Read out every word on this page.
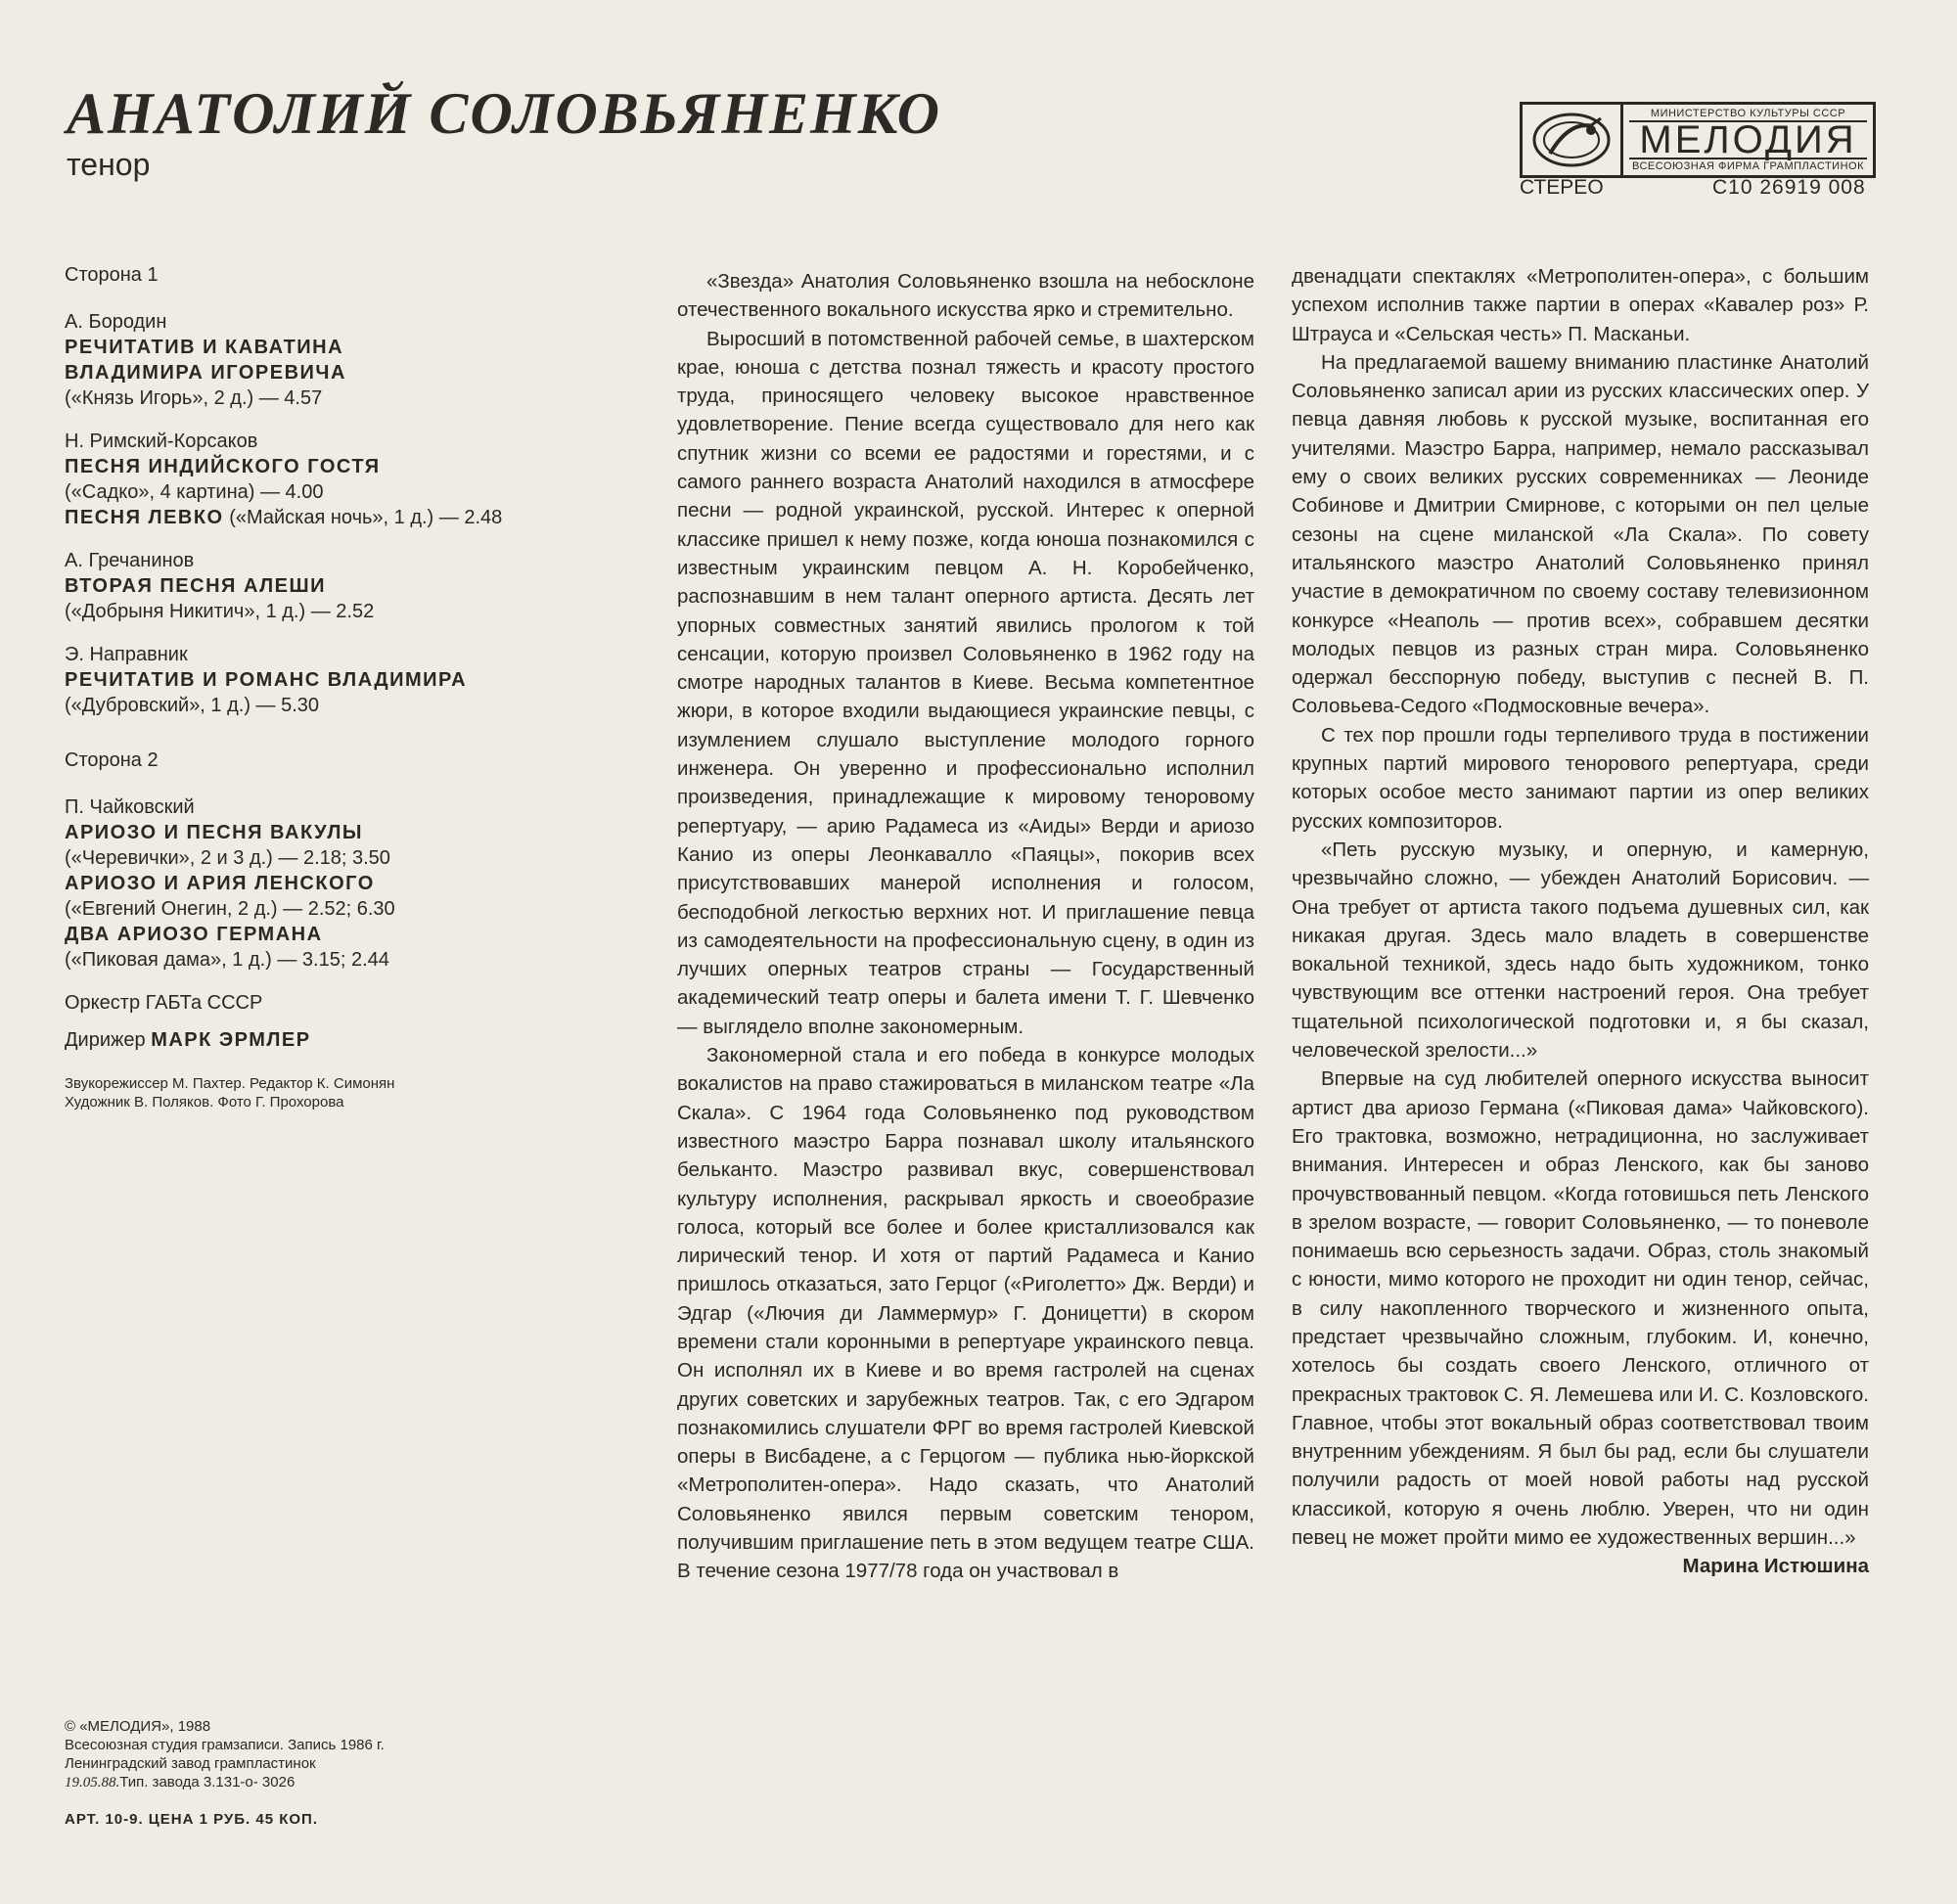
АНАТОЛИЙ СОЛОВЬЯНЕНКО

тенор

МИНИСТЕРСТВО КУЛЬТУРЫ СССР
МЕЛОДИЯ
ВСЕСОЮЗНАЯ ФИРМА ГРАМПЛАСТИНОК
СТЕРЕО	С10 26919 008
Сторона 1
А. Бородин
РЕЧИТАТИВ И КАВАТИНА
ВЛАДИМИРА ИГОРЕВИЧА
(«Князь Игорь», 2 д.) — 4.57
Н. Римский-Корсаков
ПЕСНЯ ИНДИЙСКОГО ГОСТЯ
(«Садко», 4 картина) — 4.00
ПЕСНЯ ЛЕВКО («Майская ночь», 1 д.) — 2.48
А. Гречанинов
ВТОРАЯ ПЕСНЯ АЛЕШИ
(«Добрыня Никитич», 1 д.) — 2.52
Э. Направник
РЕЧИТАТИВ И РОМАНС ВЛАДИМИРА
(«Дубровский», 1 д.) — 5.30
Сторона 2
П. Чайковский
АРИОЗО И ПЕСНЯ ВАКУЛЫ
(«Черевички», 2 и 3 д.) — 2.18; 3.50
АРИОЗО И АРИЯ ЛЕНСКОГО
(«Евгений Онегин, 2 д.) — 2.52; 6.30
ДВА АРИОЗО ГЕРМАНА
(«Пиковая дама», 1 д.) — 3.15; 2.44
Оркестр ГАБТа СССР
Дирижер МАРК ЭРМЛЕР
Звукорежиссер М. Пахтер. Редактор К. Симонян
Художник В. Поляков. Фото Г. Прохорова
© «МЕЛОДИЯ», 1988
Всесоюзная студия грамзаписи. Запись 1986 г.
Ленинградский завод грампластинок
19.05.88.Тип. завода 3.131-о- 3026
АРТ. 10-9. ЦЕНА 1 РУБ. 45 КОП.

«Звезда» Анатолия Соловьяненко взошла на небосклоне отечественного вокального искусства ярко и стремительно.

Выросший в потомственной рабочей семье, в шахтерском крае, юноша с детства познал тяжесть и красоту простого труда, приносящего человеку высокое нравственное удовлетворение. Пение всегда существовало для него как спутник жизни со всеми ее радостями и горестями, и с самого раннего возраста Анатолий находился в атмосфере песни — родной украинской, русской. Интерес к оперной классике пришел к нему позже, когда юноша познакомился с известным украинским певцом А. Н. Коробейченко, распознавшим в нем талант оперного артиста. Десять лет упорных совместных занятий явились прологом к той сенсации, которую произвел Соловьяненко в 1962 году на смотре народных талантов в Киеве. Весьма компетентное жюри, в которое входили выдающиеся украинские певцы, с изумлением слушало выступление молодого горного инженера. Он уверенно и профессионально исполнил произведения, принадлежащие к мировому теноровому репертуару, — арию Радамеса из «Аиды» Верди и ариозо Канио из оперы Леонкавалло «Паяцы», покорив всех присутствовавших манерой исполнения и голосом, бесподобной легкостью верхних нот. И приглашение певца из самодеятельности на профессиональную сцену, в один из лучших оперных театров страны — Государственный академический театр оперы и балета имени Т. Г. Шевченко — выглядело вполне закономерным.

Закономерной стала и его победа в конкурсе молодых вокалистов на право стажироваться в миланском театре «Ла Скала». С 1964 года Соловьяненко под руководством известного маэстро Барра познавал школу итальянского бельканто. Маэстро развивал вкус, совершенствовал культуру исполнения, раскрывал яркость и своеобразие голоса, который все более и более кристаллизовался как лирический тенор. И хотя от партий Радамеса и Канио пришлось отказаться, зато Герцог («Риголетто» Дж. Верди) и Эдгар («Лючия ди Ламмермур» Г. Доницетти) в скором времени стали коронными в репертуаре украинского певца. Он исполнял их в Киеве и во время гастролей на сценах других советских и зарубежных театров. Так, с его Эдгаром познакомились слушатели ФРГ во время гастролей Киевской оперы в Висбадене, а с Герцогом — публика нью-йоркской «Метрополитен-опера». Надо сказать, что Анатолий Соловьяненко явился первым советским тенором, получившим приглашение петь в этом ведущем театре США. В течение сезона 1977/78 года он участвовал в

двенадцати спектаклях «Метрополитен-опера», с большим успехом исполнив также партии в операх «Кавалер роз» Р. Штрауса и «Сельская честь» П. Масканьи.

На предлагаемой вашему вниманию пластинке Анатолий Соловьяненко записал арии из русских классических опер. У певца давняя любовь к русской музыке, воспитанная его учителями. Маэстро Барра, например, немало рассказывал ему о своих великих русских современниках — Леониде Собинове и Дмитрии Смирнове, с которыми он пел целые сезоны на сцене миланской «Ла Скала». По совету итальянского маэстро Анатолий Соловьяненко принял участие в демократичном по своему составу телевизионном конкурсе «Неаполь — против всех», собравшем десятки молодых певцов из разных стран мира. Соловьяненко одержал бесспорную победу, выступив с песней В. П. Соловьева-Седого «Подмосковные вечера».

С тех пор прошли годы терпеливого труда в постижении крупных партий мирового тенорового репертуара, среди которых особое место занимают партии из опер великих русских композиторов.

«Петь русскую музыку, и оперную, и камерную, чрезвычайно сложно, — убежден Анатолий Борисович. — Она требует от артиста такого подъема душевных сил, как никакая другая. Здесь мало владеть в совершенстве вокальной техникой, здесь надо быть художником, тонко чувствующим все оттенки настроений героя. Она требует тщательной психологической подготовки и, я бы сказал, человеческой зрелости...»

Впервые на суд любителей оперного искусства выносит артист два ариозо Германа («Пиковая дама» Чайковского). Его трактовка, возможно, нетрадиционна, но заслуживает внимания. Интересен и образ Ленского, как бы заново прочувствованный певцом. «Когда готовишься петь Ленского в зрелом возрасте, — говорит Соловьяненко, — то поневоле понимаешь всю серьезность задачи. Образ, столь знакомый с юности, мимо которого не проходит ни один тенор, сейчас, в силу накопленного творческого и жизненного опыта, предстает чрезвычайно сложным, глубоким. И, конечно, хотелось бы создать своего Ленского, отличного от прекрасных трактовок С. Я. Лемешева или И. С. Козловского. Главное, чтобы этот вокальный образ соответствовал твоим внутренним убеждениям. Я был бы рад, если бы слушатели получили радость от моей новой работы над русской классикой, которую я очень люблю. Уверен, что ни один певец не может пройти мимо ее художественных вершин...»

Марина Истюшина
